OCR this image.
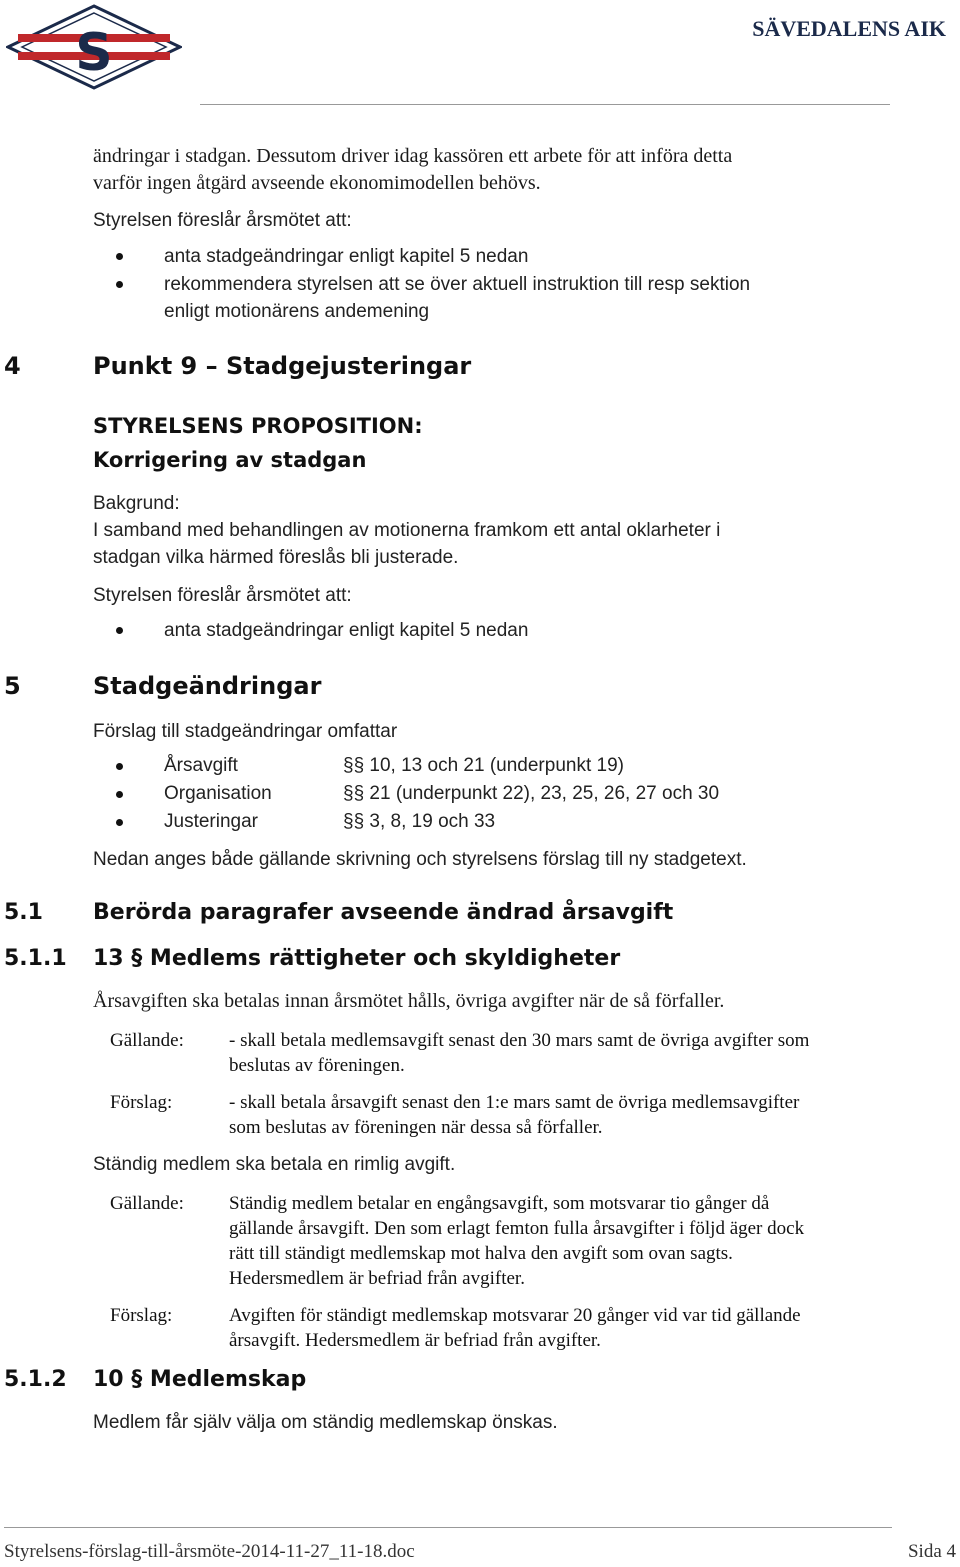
S	SÄVEDALENS AIK
ändringar i stadgan. Dessutom driver idag kassören ett arbete för att införa detta
varför ingen åtgärd avseende ekonomimodellen behövs.
Styrelsen föreslår årsmötet att:
anta stadgeändringar enligt kapitel 5 nedan
rekommendera styrelsen att se över aktuell instruktion till resp sektion
enligt motionärens andemening
4	Punkt 9 – Stadgejusteringar
STYRELSENS PROPOSITION:
Korrigering av stadgan
Bakgrund:
I samband med behandlingen av motionerna framkom ett antal oklarheter i
stadgan vilka härmed föreslås bli justerade.
Styrelsen föreslår årsmötet att:
anta stadgeändringar enligt kapitel 5 nedan
5	Stadgeändringar
Förslag till stadgeändringar omfattar
Årsavgift	§§ 10, 13 och 21 (underpunkt 19)
Organisation	§§ 21 (underpunkt 22), 23, 25, 26, 27 och 30
Justeringar	§§ 3, 8, 19 och 33
Nedan anges både gällande skrivning och styrelsens förslag till ny stadgetext.
5.1 Berörda paragrafer avseende ändrad årsavgift
5.1.1 13 § Medlems rättigheter och skyldigheter
Årsavgiften ska betalas innan årsmötet hålls, övriga avgifter när de så förfaller.
Gällande: - skall betala medlemsavgift senast den 30 mars samt de övriga avgifter som
beslutas av föreningen.
Förslag:	- skall betala årsavgift senast den 1:e mars samt de övriga medlemsavgifter
som beslutas av föreningen när dessa så förfaller.
Ständig medlem ska betala en rimlig avgift.
Gällande: Ständig medlem betalar en engångsavgift, som motsvarar tio gånger då
gällande årsavgift. Den som erlagt femton fulla årsavgifter i följd äger dock
rätt till ständigt medlemskap mot halva den avgift som ovan sagts.
Hedersmedlem är befriad från avgifter.
Förslag:	Avgiften för ständigt medlemskap motsvarar 20 gånger vid var tid gällande
årsavgift. Hedersmedlem är befriad från avgifter.
5.1.2 10 § Medlemskap
Medlem får själv välja om ständig medlemskap önskas.
Styrelsens-förslag-till-årsmöte-2014-11-27_11-18.doc	Sida 4
